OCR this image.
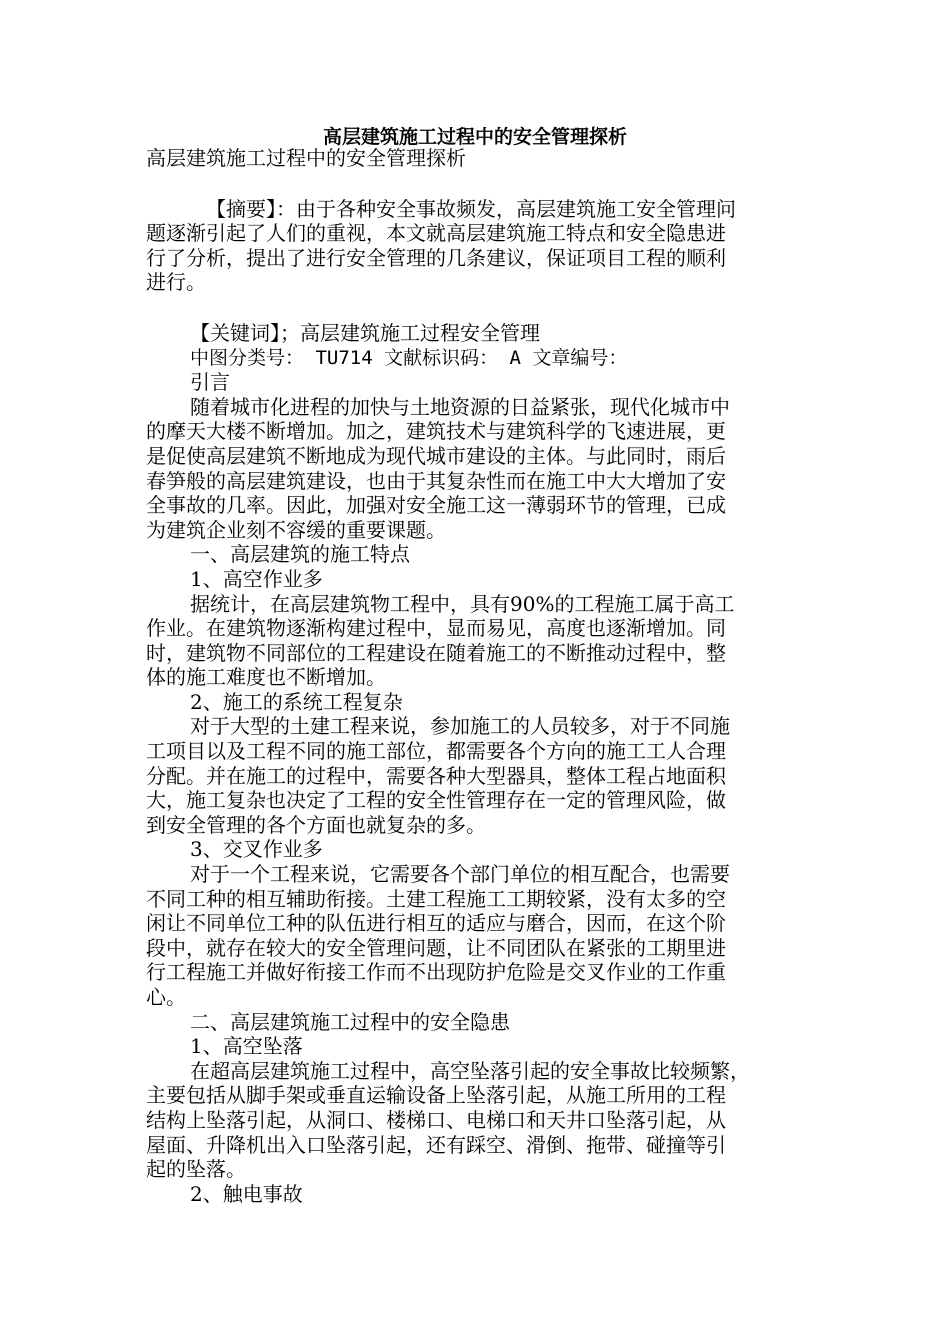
高层建筑施工过程中的安全管理探析

高层建筑施工过程中的安全管理探析

【摘要】：由于各种安全事故频发，高层建筑施工安全管理问

题逐渐引起了人们的重视，本文就高层建筑施工特点和安全隐患进

行了分析，提出了进行安全管理的几条建议，保证项目工程的顺利

进行。

【关键词】；高层建筑施工过程安全管理

中图分类号： TU714 文献标识码： A 文章编号：

引言

随着城市化进程的加快与土地资源的日益紧张，现代化城市中

的摩天大楼不断增加。加之，建筑技术与建筑科学的飞速进展，更

是促使高层建筑不断地成为现代城市建设的主体。与此同时，雨后

春笋般的高层建筑建设，也由于其复杂性而在施工中大大增加了安

全事故的几率。因此，加强对安全施工这一薄弱环节的管理，已成

为建筑企业刻不容缓的重要课题。

一、高层建筑的施工特点

1、高空作业多

据统计，在高层建筑物工程中，具有90%的工程施工属于高工

作业。在建筑物逐渐构建过程中，显而易见，高度也逐渐增加。同

时，建筑物不同部位的工程建设在随着施工的不断推动过程中，整

体的施工难度也不断增加。

2、施工的系统工程复杂

对于大型的土建工程来说，参加施工的人员较多，对于不同施

工项目以及工程不同的施工部位，都需要各个方向的施工工人合理

分配。并在施工的过程中，需要各种大型器具，整体工程占地面积

大，施工复杂也决定了工程的安全性管理存在一定的管理风险，做

到安全管理的各个方面也就复杂的多。

3、交叉作业多

对于一个工程来说，它需要各个部门单位的相互配合，也需要

不同工种的相互辅助衔接。土建工程施工工期较紧，没有太多的空

闲让不同单位工种的队伍进行相互的适应与磨合，因而，在这个阶

段中，就存在较大的安全管理问题，让不同团队在紧张的工期里进

行工程施工并做好衔接工作而不出现防护危险是交叉作业的工作重

心。

二、高层建筑施工过程中的安全隐患

1、高空坠落

在超高层建筑施工过程中，高空坠落引起的安全事故比较频繁，

主要包括从脚手架或垂直运输设备上坠落引起，从施工所用的工程

结构上坠落引起，从洞口、楼梯口、电梯口和天井口坠落引起，从

屋面、升降机出入口坠落引起，还有踩空、滑倒、拖带、碰撞等引

起的坠落。

2、触电事故
